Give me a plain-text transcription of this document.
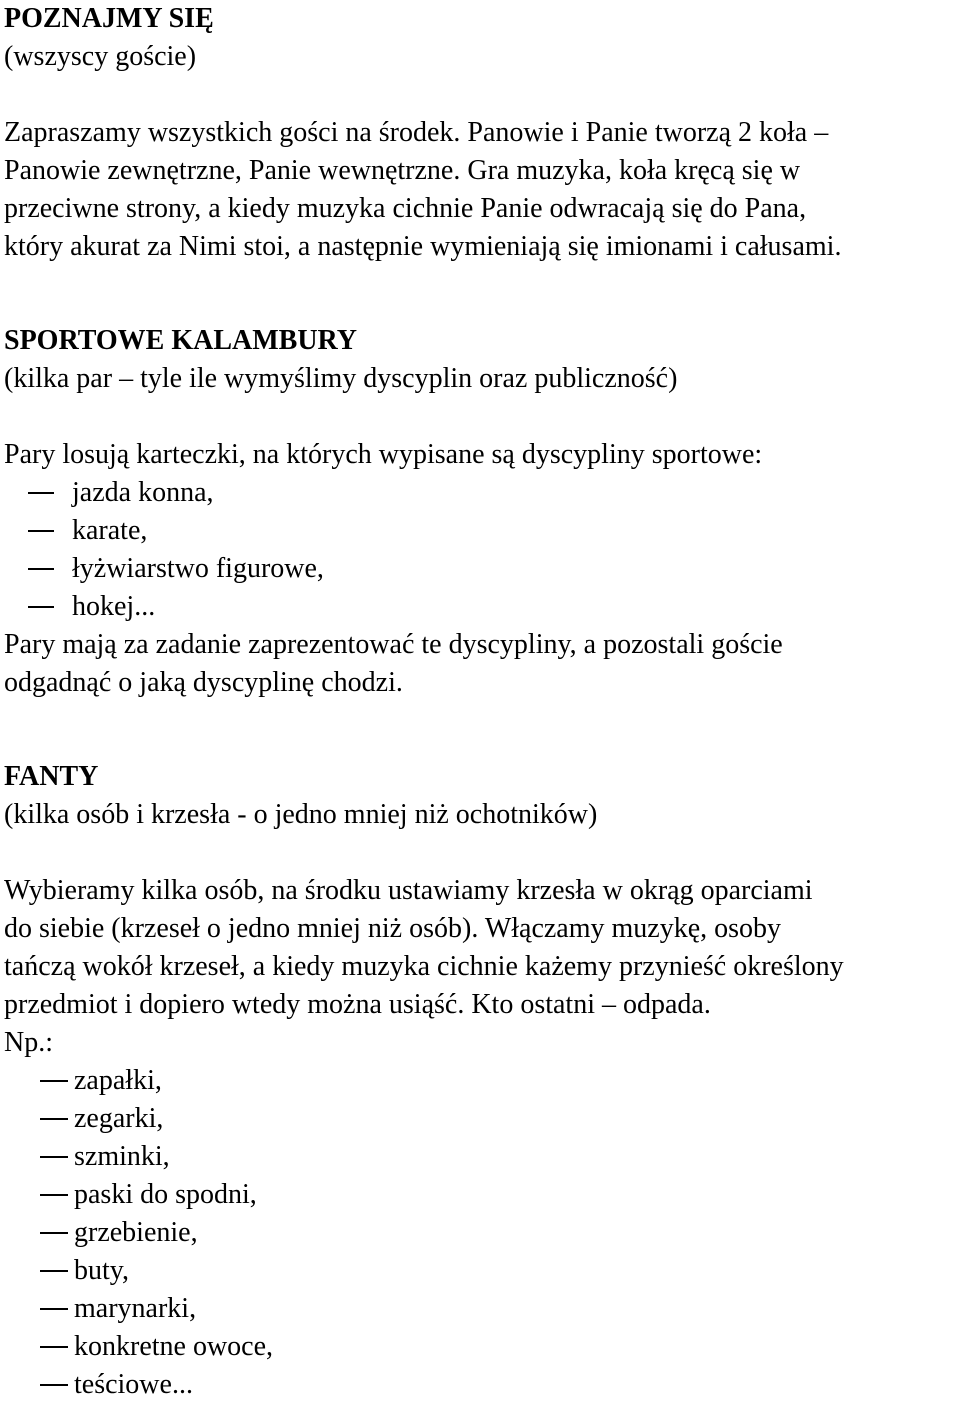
POZNAJMY SIĘ
(wszyscy goście)
Zapraszamy wszystkich gości na środek. Panowie i Panie tworzą 2 koła –
Panowie zewnętrzne, Panie wewnętrzne. Gra muzyka, koła kręcą się w
przeciwne strony, a kiedy muzyka cichnie Panie odwracają się do Pana,
który akurat za Nimi stoi, a następnie wymieniają się imionami i całusami.
SPORTOWE KALAMBURY
(kilka par – tyle ile wymyślimy dyscyplin oraz publiczność)
Pary losują karteczki, na których wypisane są dyscypliny sportowe:
jazda konna,
karate,
łyżwiarstwo figurowe,
hokej...
Pary mają za zadanie zaprezentować te dyscypliny, a pozostali goście
odgadnąć o jaką dyscyplinę chodzi.
FANTY
(kilka osób i krzesła - o jedno mniej niż ochotników)
Wybieramy kilka osób, na środku ustawiamy krzesła w okrąg oparciami
do siebie (krzeseł o jedno mniej niż osób). Włączamy muzykę, osoby
tańczą wokół krzeseł, a kiedy muzyka cichnie każemy przynieść określony
przedmiot i dopiero wtedy można usiąść. Kto ostatni – odpada.
Np.:
zapałki,
zegarki,
szminki,
paski do spodni,
grzebienie,
buty,
marynarki,
konkretne owoce,
teściowe...
